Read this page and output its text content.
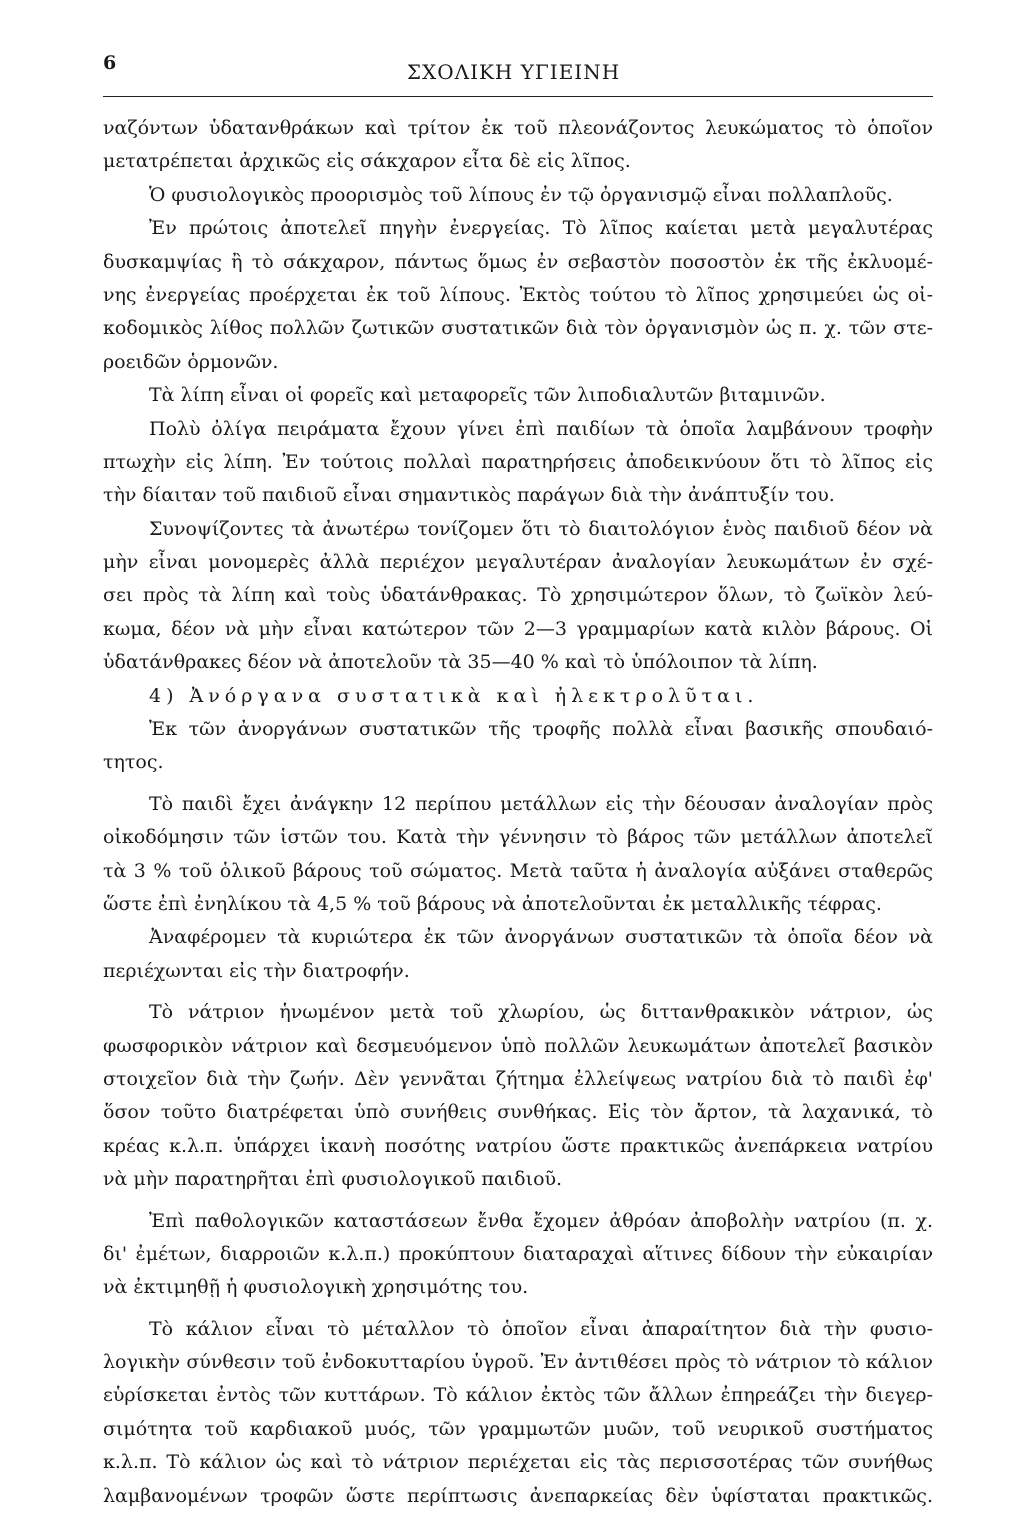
6	ΣΧΟΛΙΚΗ ΥΓΙΕΙΝΗ
ναζόντων ὑδατανθράκων καὶ τρίτον ἐκ τοῦ πλεονάζοντος λευκώματος τὸ ὁποῖον
μετατρέπεται ἀρχικῶς εἰς σάκχαρον εἶτα δὲ εἰς λῖπος.
Ὁ φυσιολογικὸς προορισμὸς τοῦ λίπους ἐν τῷ ὀργανισμῷ εἶναι πολλαπλοῦς.
Ἐν πρώτοις ἀποτελεῖ πηγὴν ἐνεργείας. Τὸ λῖπος καίεται μετὰ μεγαλυτέρας
δυσκαμψίας ἢ τὸ σάκχαρον, πάντως ὅμως ἐν σεβαστὸν ποσοστὸν ἐκ τῆς ἐκλυομέ-
νης ἐνεργείας προέρχεται ἐκ τοῦ λίπους. Ἐκτὸς τούτου τὸ λῖπος χρησιμεύει ὡς οἰ-
κοδομικὸς λίθος πολλῶν ζωτικῶν συστατικῶν διὰ τὸν ὀργανισμὸν ὡς π. χ. τῶν στε-
ροειδῶν ὁρμονῶν.
Τὰ λίπη εἶναι οἱ φορεῖς καὶ μεταφορεῖς τῶν λιποδιαλυτῶν βιταμινῶν.
Πολὺ ὀλίγα πειράματα ἔχουν γίνει ἐπὶ παιδίων τὰ ὁποῖα λαμβάνουν τροφὴν
πτωχὴν εἰς λίπη. Ἐν τούτοις πολλαὶ παρατηρήσεις ἀποδεικνύουν ὅτι τὸ λῖπος εἰς
τὴν δίαιταν τοῦ παιδιοῦ εἶναι σημαντικὸς παράγων διὰ τὴν ἀνάπτυξίν του.
Συνοψίζοντες τὰ ἀνωτέρω τονίζομεν ὅτι τὸ διαιτολόγιον ἑνὸς παιδιοῦ δέον νὰ
μὴν εἶναι μονομερὲς ἀλλὰ περιέχον μεγαλυτέραν ἀναλογίαν λευκωμάτων ἐν σχέ-
σει πρὸς τὰ λίπη καὶ τοὺς ὑδατάνθρακας. Τὸ χρησιμώτερον ὅλων, τὸ ζωϊκὸν λεύ-
κωμα, δέον νὰ μὴν εἶναι κατώτερον τῶν 2—3 γραμμαρίων κατὰ κιλὸν βάρους. Οἱ
ὑδατάνθρακες δέον νὰ ἀποτελοῦν τὰ 35—40 % καὶ τὸ ὑπόλοιπον τὰ λίπη.
4) Ἀνόργανα συστατικὰ καὶ ἠλεκτρολῦται.
Ἐκ τῶν ἀνοργάνων συστατικῶν τῆς τροφῆς πολλὰ εἶναι βασικῆς σπουδαιό-
τητος.
Τὸ παιδὶ ἔχει ἀνάγκην 12 περίπου μετάλλων εἰς τὴν δέουσαν ἀναλογίαν πρὸς
οἰκοδόμησιν τῶν ἱστῶν του. Κατὰ τὴν γέννησιν τὸ βάρος τῶν μετάλλων ἀποτελεῖ
τὰ 3 % τοῦ ὁλικοῦ βάρους τοῦ σώματος. Μετὰ ταῦτα ἡ ἀναλογία αὐξάνει σταθερῶς
ὥστε ἐπὶ ἐνηλίκου τὰ 4,5 % τοῦ βάρους νὰ ἀποτελοῦνται ἐκ μεταλλικῆς τέφρας.
Ἀναφέρομεν τὰ κυριώτερα ἐκ τῶν ἀνοργάνων συστατικῶν τὰ ὁποῖα δέον νὰ
περιέχωνται εἰς τὴν διατροφήν.
Τὸ νάτριον ἡνωμένον μετὰ τοῦ χλωρίου, ὡς διττανθρακικὸν νάτριον, ὡς
φωσφορικὸν νάτριον καὶ δεσμευόμενον ὑπὸ πολλῶν λευκωμάτων ἀποτελεῖ βασικὸν
στοιχεῖον διὰ τὴν ζωήν. Δὲν γεννᾶται ζήτημα ἐλλείψεως νατρίου διὰ τὸ παιδὶ ἐφ'
ὅσον τοῦτο διατρέφεται ὑπὸ συνήθεις συνθήκας. Εἰς τὸν ἄρτον, τὰ λαχανικά, τὸ
κρέας κ.λ.π. ὑπάρχει ἱκανὴ ποσότης νατρίου ὥστε πρακτικῶς ἀνεπάρκεια νατρίου
νὰ μὴν παρατηρῆται ἐπὶ φυσιολογικοῦ παιδιοῦ.
Ἐπὶ παθολογικῶν καταστάσεων ἔνθα ἔχομεν ἀθρόαν ἀποβολὴν νατρίου (π. χ.
δι' ἐμέτων, διαρροιῶν κ.λ.π.) προκύπτουν διαταραχαὶ αἵτινες δίδουν τὴν εὐκαιρίαν
νὰ ἐκτιμηθῇ ἡ φυσιολογικὴ χρησιμότης του.
Τὸ κάλιον εἶναι τὸ μέταλλον τὸ ὁποῖον εἶναι ἀπαραίτητον διὰ τὴν φυσιο-
λογικὴν σύνθεσιν τοῦ ἐνδοκυτταρίου ὑγροῦ. Ἐν ἀντιθέσει πρὸς τὸ νάτριον τὸ κάλιον
εὑρίσκεται ἐντὸς τῶν κυττάρων. Τὸ κάλιον ἐκτὸς τῶν ἄλλων ἐπηρεάζει τὴν διεγερ-
σιμότητα τοῦ καρδιακοῦ μυός, τῶν γραμμωτῶν μυῶν, τοῦ νευρικοῦ συστήματος
κ.λ.π. Τὸ κάλιον ὡς καὶ τὸ νάτριον περιέχεται εἰς τὰς περισσοτέρας τῶν συνήθως
λαμβανομένων τροφῶν ὥστε περίπτωσις ἀνεπαρκείας δὲν ὑφίσταται πρακτικῶς.
